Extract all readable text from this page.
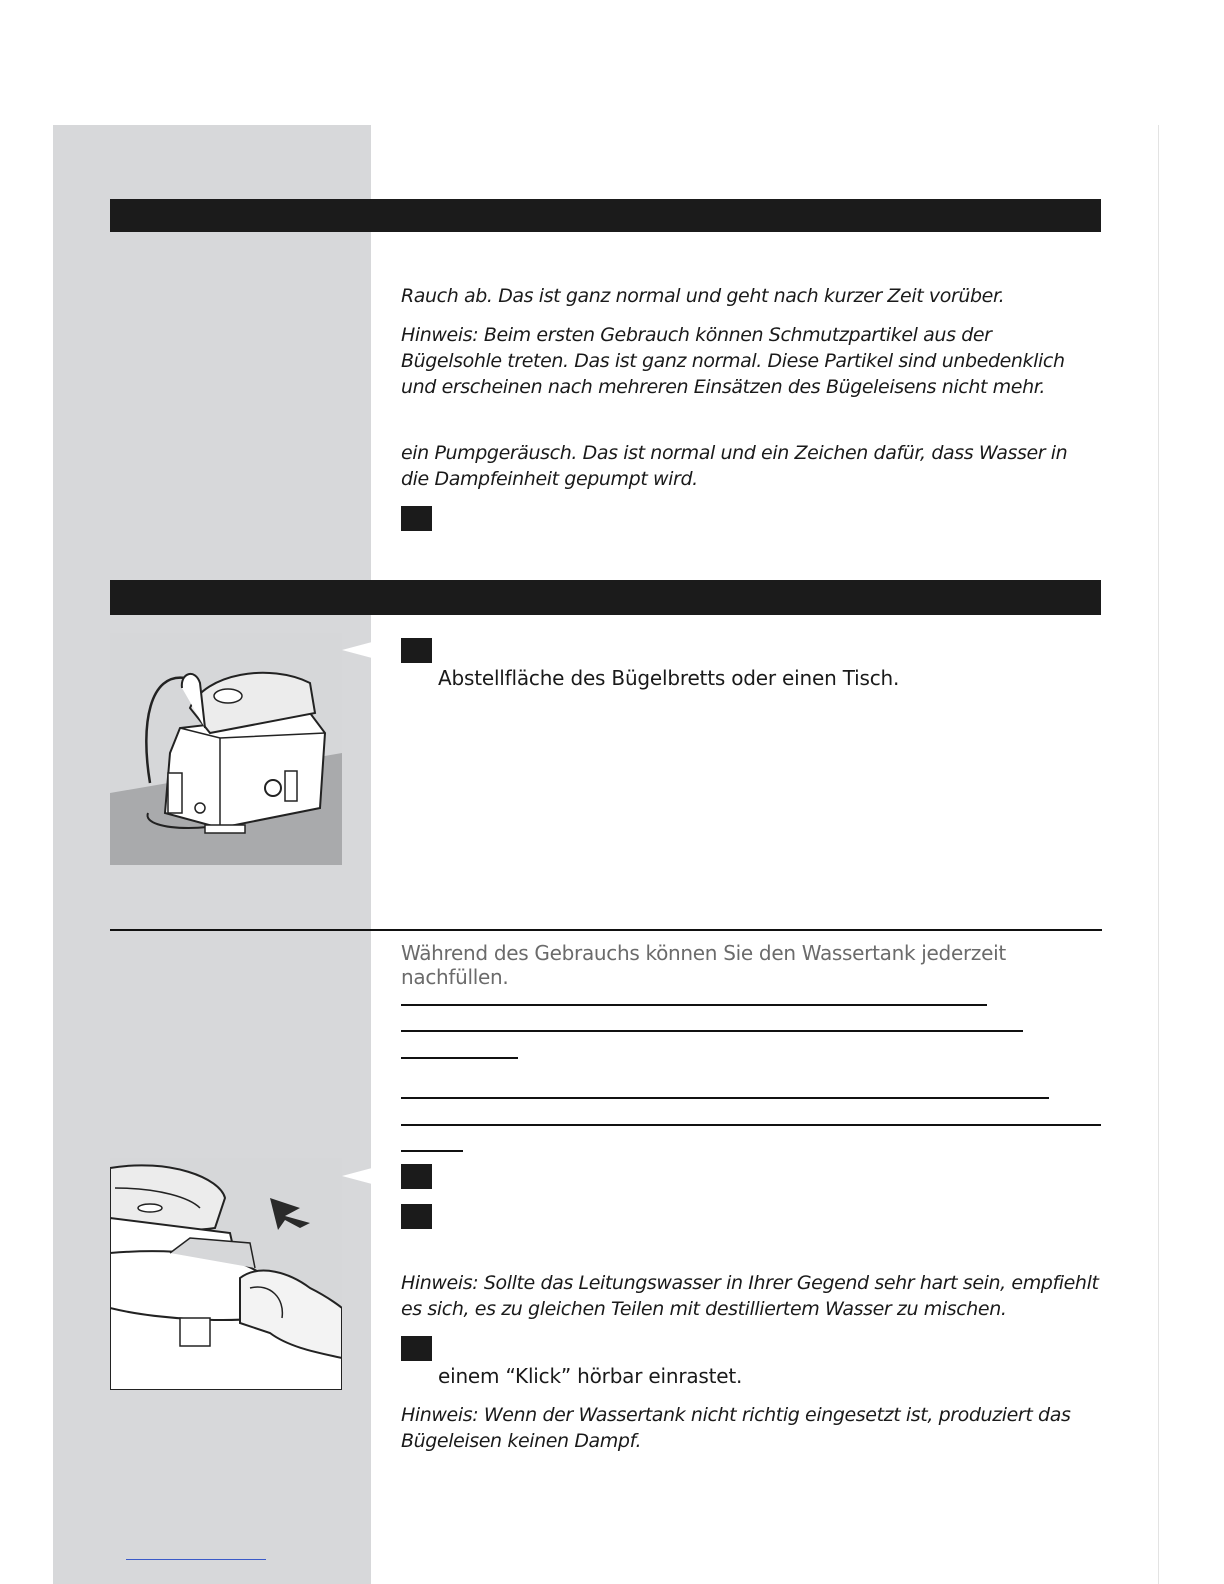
Rauch ab. Das ist ganz normal und geht nach kurzer Zeit vorüber.

Hinweis: Beim ersten Gebrauch können Schmutzpartikel aus der Bügelsohle treten. Das ist ganz normal. Diese Partikel sind unbedenklich und erscheinen nach mehreren Einsätzen des Bügeleisens nicht mehr.

ein Pumpgeräusch. Das ist normal und ein Zeichen dafür, dass Wasser in die Dampfeinheit gepumpt wird.

Abstellfläche des Bügelbretts oder einen Tisch.

Während des Gebrauchs können Sie den Wassertank jederzeit nachfüllen.

Hinweis: Sollte das Leitungswasser in Ihrer Gegend sehr hart sein, empfiehlt es sich, es zu gleichen Teilen mit destilliertem Wasser zu mischen.

einem “Klick” hörbar einrastet.

Hinweis: Wenn der Wassertank nicht richtig eingesetzt ist, produziert das Bügeleisen keinen Dampf.
